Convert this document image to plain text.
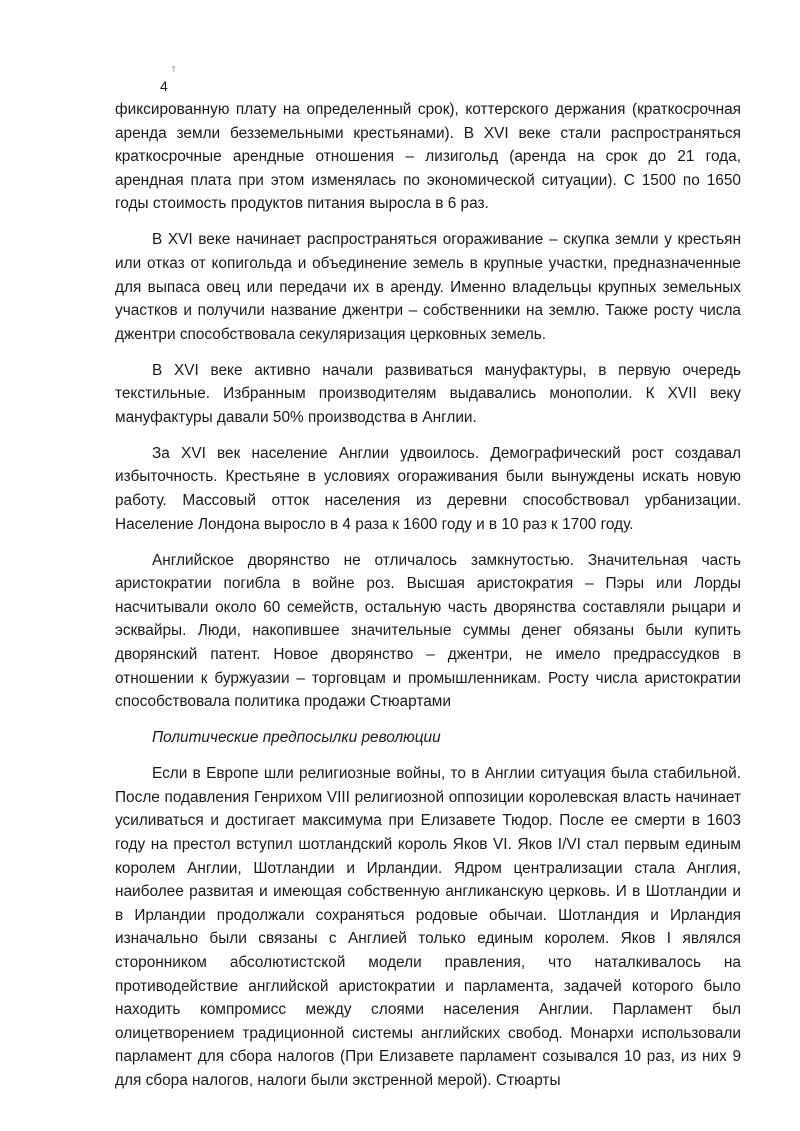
¶
4

фиксированную плату на определенный срок), коттерского держания (краткосрочная аренда земли безземельными крестьянами). В XVI веке стали распространяться краткосрочные арендные отношения – лизигольд (аренда на срок до 21 года, арендная плата при этом изменялась по экономической ситуации). С 1500 по 1650 годы стоимость продуктов питания выросла в 6 раз.

В XVI веке начинает распространяться огораживание – скупка земли у крестьян или отказ от копигольда и объединение земель в крупные участки, предназначенные для выпаса овец или передачи их в аренду. Именно владельцы крупных земельных участков и получили название джентри – собственники на землю. Также росту числа джентри способствовала секуляризация церковных земель.

В XVI веке активно начали развиваться мануфактуры, в первую очередь текстильные. Избранным производителям выдавались монополии. К XVII веку мануфактуры давали 50% производства в Англии.

За XVI век население Англии удвоилось. Демографический рост создавал избыточность. Крестьяне в условиях огораживания были вынуждены искать новую работу. Массовый отток населения из деревни способствовал урбанизации. Население Лондона выросло в 4 раза к 1600 году и в 10 раз к 1700 году.

Английское дворянство не отличалось замкнутостью. Значительная часть аристократии погибла в войне роз. Высшая аристократия – Пэры или Лорды насчитывали около 60 семейств, остальную часть дворянства составляли рыцари и эсквайры. Люди, накопившее значительные суммы денег обязаны были купить дворянский патент. Новое дворянство – джентри, не имело предрассудков в отношении к буржуазии – торговцам и промышленникам. Росту числа аристократии способствовала политика продажи Стюартами

Политические предпосылки революции

Если в Европе шли религиозные войны, то в Англии ситуация была стабильной. После подавления Генрихом VIII религиозной оппозиции королевская власть начинает усиливаться и достигает максимума при Елизавете Тюдор. После ее смерти в 1603 году на престол вступил шотландский король Яков VI. Яков I/VI стал первым единым королем Англии, Шотландии и Ирландии. Ядром централизации стала Англия, наиболее развитая и имеющая собственную англиканскую церковь. И в Шотландии и в Ирландии продолжали сохраняться родовые обычаи. Шотландия и Ирландия изначально были связаны с Англией только единым королем. Яков I являлся сторонником абсолютистской модели правления, что наталкивалось на противодействие английской аристократии и парламента, задачей которого было находить компромисс между слоями населения Англии. Парламент был олицетворением традиционной системы английских свобод. Монархи использовали парламент для сбора налогов (При Елизавете парламент созывался 10 раз, из них 9 для сбора налогов, налоги были экстренной мерой). Стюарты
